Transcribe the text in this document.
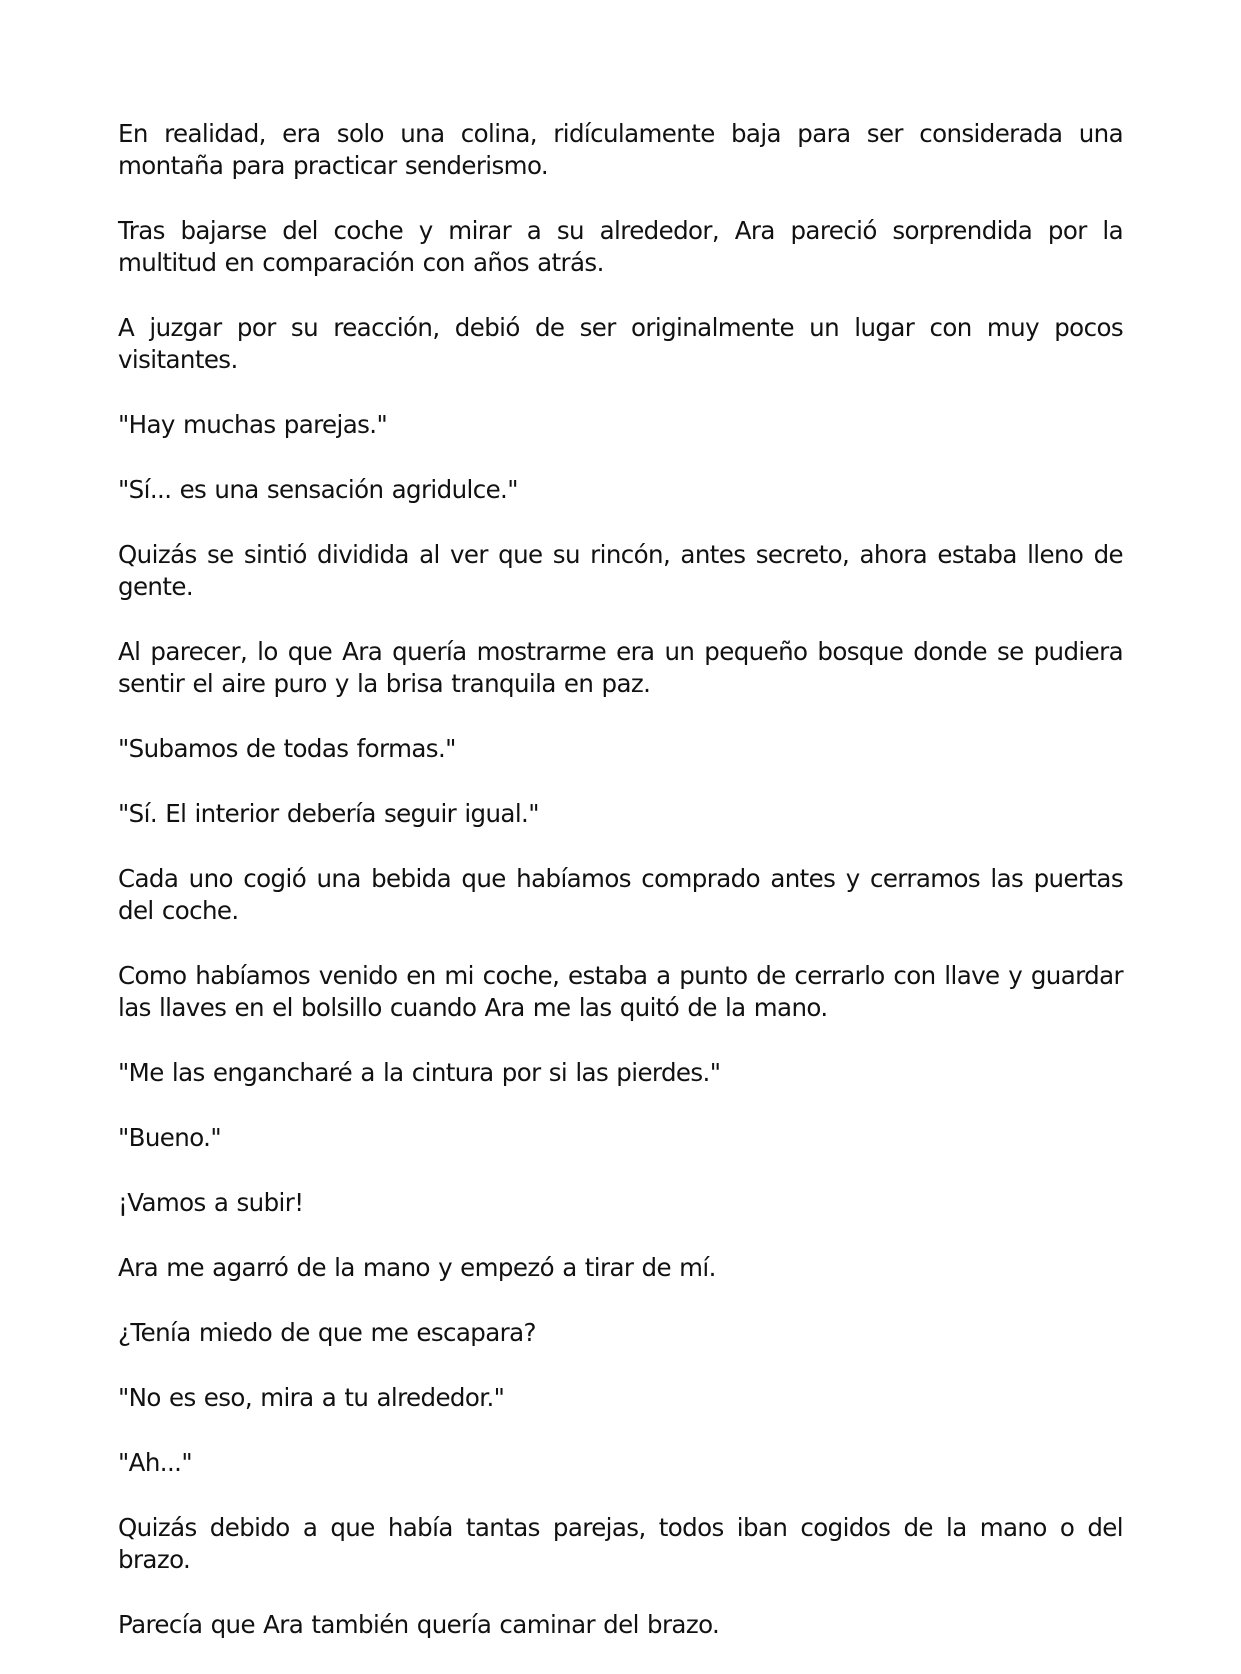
En realidad, era solo una colina, ridículamente baja para ser considerada una montaña para practicar senderismo.

Tras bajarse del coche y mirar a su alrededor, Ara pareció sorprendida por la multitud en comparación con años atrás.

A juzgar por su reacción, debió de ser originalmente un lugar con muy pocos visitantes.

"Hay muchas parejas."

"Sí... es una sensación agridulce."

Quizás se sintió dividida al ver que su rincón, antes secreto, ahora estaba lleno de gente.

Al parecer, lo que Ara quería mostrarme era un pequeño bosque donde se pudiera sentir el aire puro y la brisa tranquila en paz.

"Subamos de todas formas."

"Sí. El interior debería seguir igual."

Cada uno cogió una bebida que habíamos comprado antes y cerramos las puertas del coche.

Como habíamos venido en mi coche, estaba a punto de cerrarlo con llave y guardar las llaves en el bolsillo cuando Ara me las quitó de la mano.

"Me las engancharé a la cintura por si las pierdes."

"Bueno."

¡Vamos a subir!

Ara me agarró de la mano y empezó a tirar de mí.

¿Tenía miedo de que me escapara?

"No es eso, mira a tu alrededor."

"Ah..."

Quizás debido a que había tantas parejas, todos iban cogidos de la mano o del brazo.

Parecía que Ara también quería caminar del brazo.
